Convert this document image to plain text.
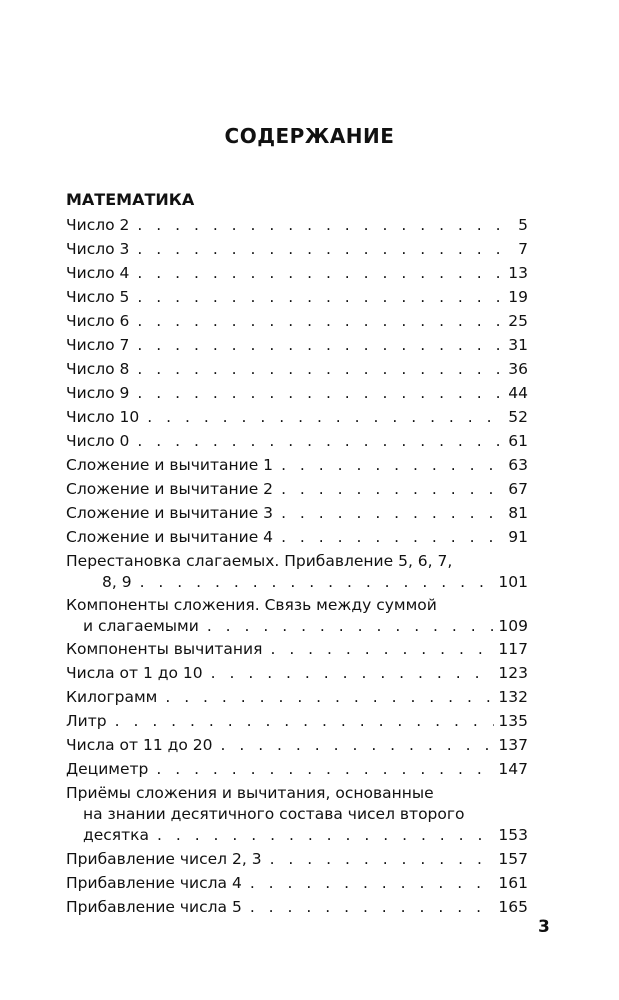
СОДЕРЖАНИЕ
МАТЕМАТИКА
Число 2 . . .	5
Число 3 . . .	7
Число 4 . . .	13
Число 5 . . .	19
Число 6 . . .	25
Число 7 . . .	31
Число 8 . . .	36
Число 9 . . .	44
Число 10 . . .	52
Число 0 . . .	61
Сложение и вычитание 1 . . .	63
Сложение и вычитание 2 . . .	67
Сложение и вычитание 3 . . .	81
Сложение и вычитание 4 . . .	91
Перестановка слагаемых. Прибавление 5, 6, 7,
8, 9 . . .	101
Компоненты сложения. Связь между суммой
и слагаемыми . . .	109
Компоненты вычитания . . .	117
Числа от 1 до 10 . . .	123
Килограмм . . .	132
Литр . . .	135
Числа от 11 до 20 . . .	137
Дециметр . . .	147
Приёмы сложения и вычитания, основанные
на знании десятичного состава чисел второго
десятка . . .	153
Прибавление чисел 2, 3 . . .	157
Прибавление числа 4 . . .	161
Прибавление числа 5 . . .	165
3
